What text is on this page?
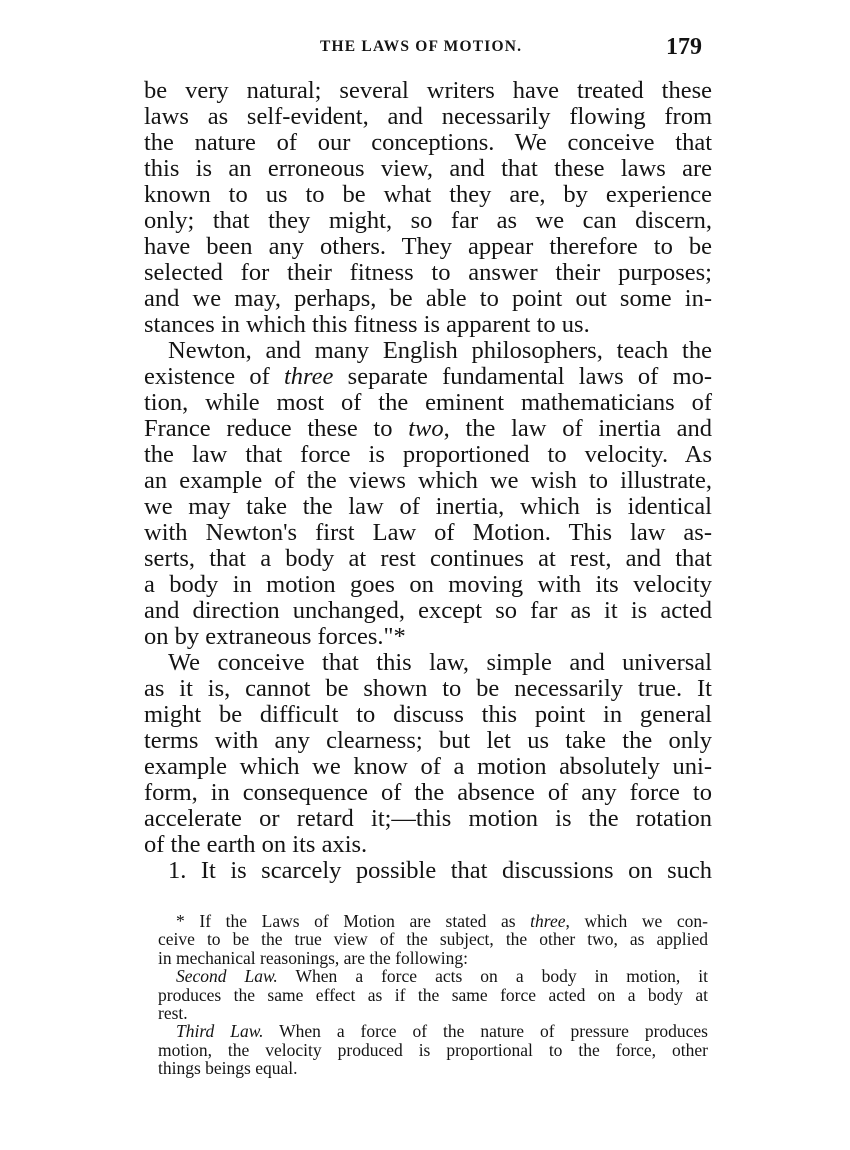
THE LAWS OF MOTION.	179
be very natural; several writers have treated these
laws as self-evident, and necessarily flowing from
the nature of our conceptions. We conceive that
this is an erroneous view, and that these laws are
known to us to be what they are, by experience
only; that they might, so far as we can discern,
have been any others. They appear therefore to be
selected for their fitness to answer their purposes;
and we may, perhaps, be able to point out some in-
stances in which this fitness is apparent to us.
Newton, and many English philosophers, teach the
existence of three separate fundamental laws of mo-
tion, while most of the eminent mathematicians of
France reduce these to two, the law of inertia and
the law that force is proportioned to velocity. As
an example of the views which we wish to illustrate,
we may take the law of inertia, which is identical
with Newton's first Law of Motion. This law as-
serts, that a body at rest continues at rest, and that
a body in motion goes on moving with its velocity
and direction unchanged, except so far as it is acted
on by extraneous forces."*
We conceive that this law, simple and universal
as it is, cannot be shown to be necessarily true. It
might be difficult to discuss this point in general
terms with any clearness; but let us take the only
example which we know of a motion absolutely uni-
form, in consequence of the absence of any force to
accelerate or retard it;—this motion is the rotation
of the earth on its axis.
1. It is scarcely possible that discussions on such
* If the Laws of Motion are stated as three, which we con-
ceive to be the true view of the subject, the other two, as applied
in mechanical reasonings, are the following:
Second Law. When a force acts on a body in motion, it
produces the same effect as if the same force acted on a body at
rest.
Third Law. When a force of the nature of pressure produces
motion, the velocity produced is proportional to the force, other
things beings equal.
